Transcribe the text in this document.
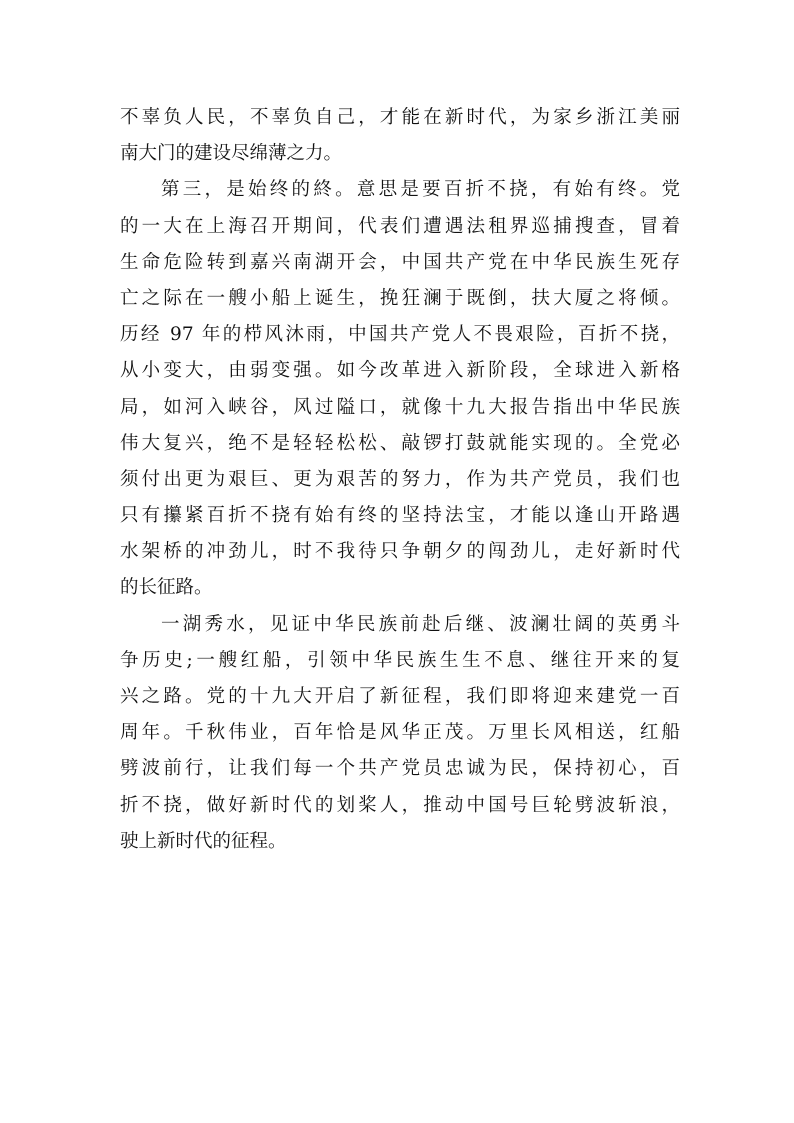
不辜负人民，不辜负自己，才能在新时代，为家乡浙江美丽
南大门的建设尽绵薄之力。
第三，是始终的終。意思是要百折不挠，有始有终。党
的一大在上海召开期间，代表们遭遇法租界巡捕搜查，冒着
生命危险转到嘉兴南湖开会，中国共产党在中华民族生死存
亡之际在一艘小船上诞生，挽狂澜于既倒，扶大厦之将倾。
历经 97 年的栉风沐雨，中国共产党人不畏艰险，百折不挠，
从小变大，由弱变强。如今改革进入新阶段，全球进入新格
局，如河入峡谷，风过隘口，就像十九大报告指出中华民族
伟大复兴，绝不是轻轻松松、敲锣打鼓就能实现的。全党必
须付出更为艰巨、更为艰苦的努力，作为共产党员，我们也
只有攥紧百折不挠有始有终的坚持法宝，才能以逢山开路遇
水架桥的冲劲儿，时不我待只争朝夕的闯劲儿，走好新时代
的长征路。
一湖秀水，见证中华民族前赴后继、波澜壮阔的英勇斗
争历史;一艘红船，引领中华民族生生不息、继往开来的复
兴之路。党的十九大开启了新征程，我们即将迎来建党一百
周年。千秋伟业，百年恰是风华正茂。万里长风相送，红船
劈波前行，让我们每一个共产党员忠诚为民，保持初心，百
折不挠，做好新时代的划桨人，推动中国号巨轮劈波斩浪，
驶上新时代的征程。
